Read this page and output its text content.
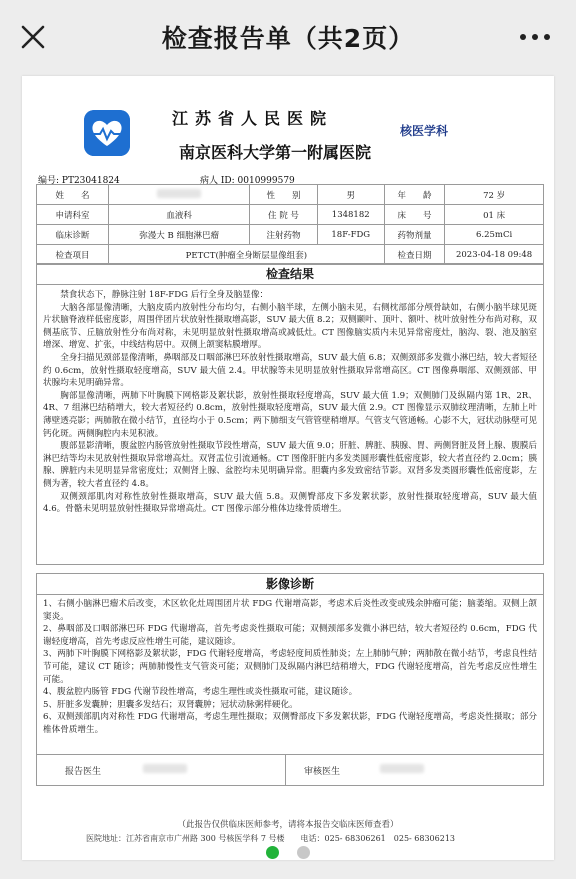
检查报告单（共2页）
江苏省人民医院
南京医科大学第一附属医院
核医学科
编号: PT23041824	病人 ID: 0010999579
姓　　名		性　　别	男	年　　龄	72 岁
申请科室	血液科	住 院 号	1348182	床　　号	01 床
临床诊断	弥漫大 B 细胞淋巴瘤	注射药物	18F-FDG	药物剂量	6.25mCi
检查项目	PETCT(肿瘤全身断层显像组套)			检查日期	2023-04-18 09:48
检查结果

禁食状态下，静脉注射 18F-FDG 后行全身及脑显像：

大脑各部显像清晰，大脑皮质内放射性分布均匀，右侧小脑半球，左侧小脑未见，右侧枕部部分颅骨缺如，右侧小脑半球见斑片状脑脊液样低密度影，周围伴团片状放射性摄取增高影，SUV 最大值 8.2；双侧颞叶、顶叶、额叶、枕叶放射性分布尚对称，双侧基底节、丘脑放射性分布尚对称，未见明显放射性摄取增高或减低灶。CT 图像脑实质内未见异常密度灶，脑沟、裂、池及脑室增深、增宽、扩张，中线结构居中。双侧上颌窦粘膜增厚。

全身扫描见颈部显像清晰，鼻咽部及口咽部淋巴环放射性摄取增高，SUV 最大值 6.8；双侧颈部多发微小淋巴结，较大者短径约 0.6cm，放射性摄取轻度增高，SUV 最大值 2.4。甲状腺等未见明显放射性摄取异常增高区。CT 图像鼻咽部、双侧颈部、甲状腺均未见明确异常。

胸部显像清晰，两肺下叶胸膜下网格影及絮状影，放射性摄取轻度增高，SUV 最大值 1.9；双侧肺门及纵隔内第 1R、2R、4R、7 组淋巴结稍增大，较大者短径约 0.8cm，放射性摄取轻度增高，SUV 最大值 2.9。CT 图像显示双肺纹理清晰，左肺上叶薄壁透亮影；两肺散在微小结节，直径均小于 0.5cm；两下肺细支气管管壁稍增厚。气管支气管通畅。心影不大，冠状动脉壁可见钙化斑。两侧胸腔内未见积液。

腹部显影清晰，腹盆腔内肠管放射性摄取节段性增高，SUV 最大值 9.0；肝脏、脾脏、胰腺、胃、两侧肾脏及肾上腺、腹膜后淋巴结等均未见放射性摄取异常增高灶。双肾盂位引流通畅。CT 图像肝脏内多发类圆形囊性低密度影，较大者直径约 2.0cm；胰腺、脾脏内未见明显异常密度灶；双侧肾上腺、盆腔均未见明确异常。胆囊内多发致密结节影。双肾多发类圆形囊性低密度影，左侧为著，较大者直径约 4.8。

双侧颈部肌肉对称性放射性摄取增高，SUV 最大值 5.8。双侧臀部皮下多发絮状影，放射性摄取轻度增高，SUV 最大值 4.6。骨骼未见明显放射性摄取异常增高灶。CT 图像示部分椎体边缘骨质增生。

影像诊断

1、右侧小脑淋巴瘤术后改变，术区软化灶周围团片状 FDG 代谢增高影，考虑术后炎性改变或残余肿瘤可能；脑萎缩。双侧上颌窦炎。

2、鼻咽部及口咽部淋巴环 FDG 代谢增高，首先考虑炎性摄取可能；双侧颈部多发微小淋巴结，较大者短径约 0.6cm，FDG 代谢轻度增高，首先考虑反应性增生可能，建议随诊。

3、两肺下叶胸膜下网格影及絮状影，FDG 代谢轻度增高，考虑轻度间质性肺炎；左上肺肺气肿；两肺散在微小结节，考虑良性结节可能，建议 CT 随诊；两肺肺慢性支气管炎可能；双侧肺门及纵隔内淋巴结稍增大，FDG 代谢轻度增高，首先考虑反应性增生可能。

4、腹盆腔内肠管 FDG 代谢节段性增高，考虑生理性或炎性摄取可能，建议随诊。

5、肝脏多发囊肿；胆囊多发结石；双肾囊肿；冠状动脉粥样硬化。

6、双侧颈部肌肉对称性 FDG 代谢增高，考虑生理性摄取；双侧臀部皮下多发絮状影，FDG 代谢轻度增高，考虑炎性摄取；部分椎体骨质增生。

报告医生	审核医生
（此报告仅供临床医师参考，请将本报告交临床医师查看）
医院地址：江苏省南京市广州路 300 号核医学科 7 号楼　　电话：025- 68306261　025- 68306213
